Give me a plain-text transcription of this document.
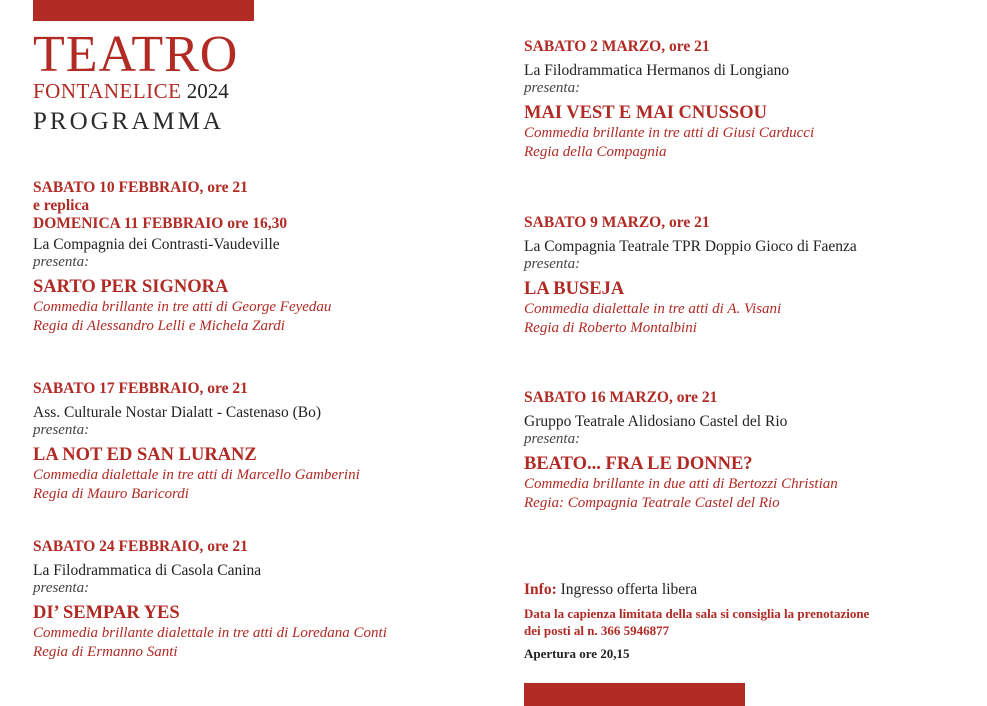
TEATRO
FONTANELICE 2024
PROGRAMMA
SABATO 10 FEBBRAIO, ore 21
e replica
DOMENICA 11 FEBBRAIO ore 16,30
La Compagnia dei Contrasti-Vaudeville
presenta:
SARTO PER SIGNORA
Commedia brillante in tre atti di George Feyedau
Regia di Alessandro Lelli e Michela Zardi
SABATO 17 FEBBRAIO, ore 21
Ass. Culturale Nostar Dialatt - Castenaso (Bo)
presenta:
LA NOT ED SAN LURANZ
Commedia dialettale in tre atti di Marcello Gamberini
Regia di Mauro Baricordi
SABATO 24 FEBBRAIO, ore 21
La Filodrammatica di Casola Canina
presenta:
DI’ SEMPAR YES
Commedia brillante dialettale in tre atti di Loredana Conti
Regia di Ermanno Santi
SABATO 2 MARZO, ore 21
La Filodrammatica Hermanos di Longiano
presenta:
MAI VEST E MAI CNUSSOU
Commedia brillante in tre atti di Giusi Carducci
Regia della Compagnia
SABATO 9 MARZO, ore 21
La Compagnia Teatrale TPR Doppio Gioco di Faenza
presenta:
LA BUSEJA
Commedia dialettale in tre atti di A. Visani
Regia di Roberto Montalbini
SABATO 16 MARZO, ore 21
Gruppo Teatrale Alidosiano Castel del Rio
presenta:
BEATO... FRA LE DONNE?
Commedia brillante in due atti di Bertozzi Christian
Regia: Compagnia Teatrale Castel del Rio
Info: Ingresso offerta libera
Data la capienza limitata della sala si consiglia la prenotazione
dei posti al n. 366 5946877
Apertura ore 20,15
